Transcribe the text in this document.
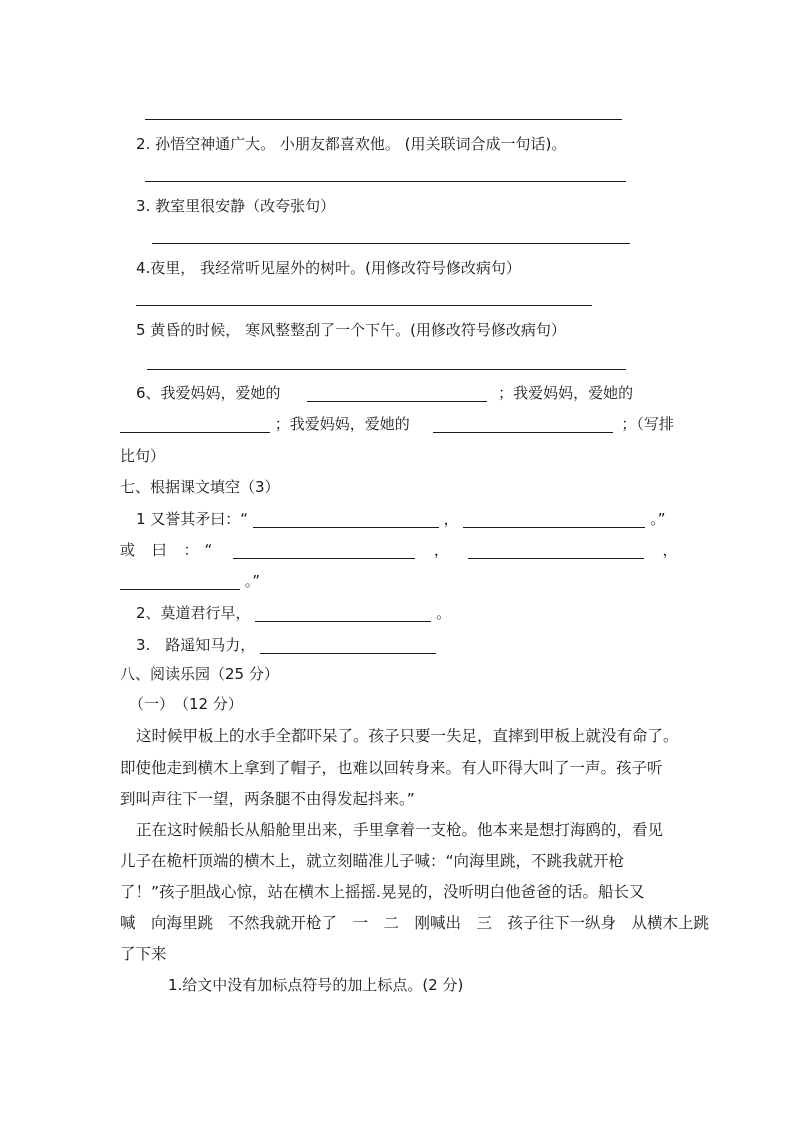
2. 孙悟空神通广大。 小朋友都喜欢他。 (用关联词合成一句话)。
3. 教室里很安静（改夸张句）
4.夜里， 我经常听见屋外的树叶。(用修改符号修改病句）
5 黄昏的时候， 寒风整整刮了一个下午。(用修改符号修改病句）
6、我爱妈妈，爱她的	；我爱妈妈，爱她的
；我爱妈妈，爱她的	；（写排
比句）
七、根据课文填空（3）
1 又誉其矛曰：“	，	。”
或 曰 ：“	，	，
。”
2、莫道君行早，	。
3.　路遥知马力，
八、阅读乐园（25 分）
（一）　（12 分）
这时候甲板上的水手全都吓呆了。孩子只要一失足，直摔到甲板上就没有命了。
即使他走到横木上拿到了帽子，也难以回转身来。有人吓得大叫了一声。孩子听
到叫声往下一望，两条腿不由得发起抖来。”
正在这时候船长从船舱里出来，手里拿着一支枪。他本来是想打海鸥的，看见
儿子在桅杆顶端的横木上，就立刻瞄准儿子喊：“向海里跳，不跳我就开枪
了！”孩子胆战心惊，站在横木上摇摇.晃晃的，没听明白他爸爸的话。船长又
喊　向海里跳　不然我就开枪了　一　二　刚喊出　三　孩子往下一纵身　从横木上跳
了下来
1.给文中没有加标点符号的加上标点。(2 分)
